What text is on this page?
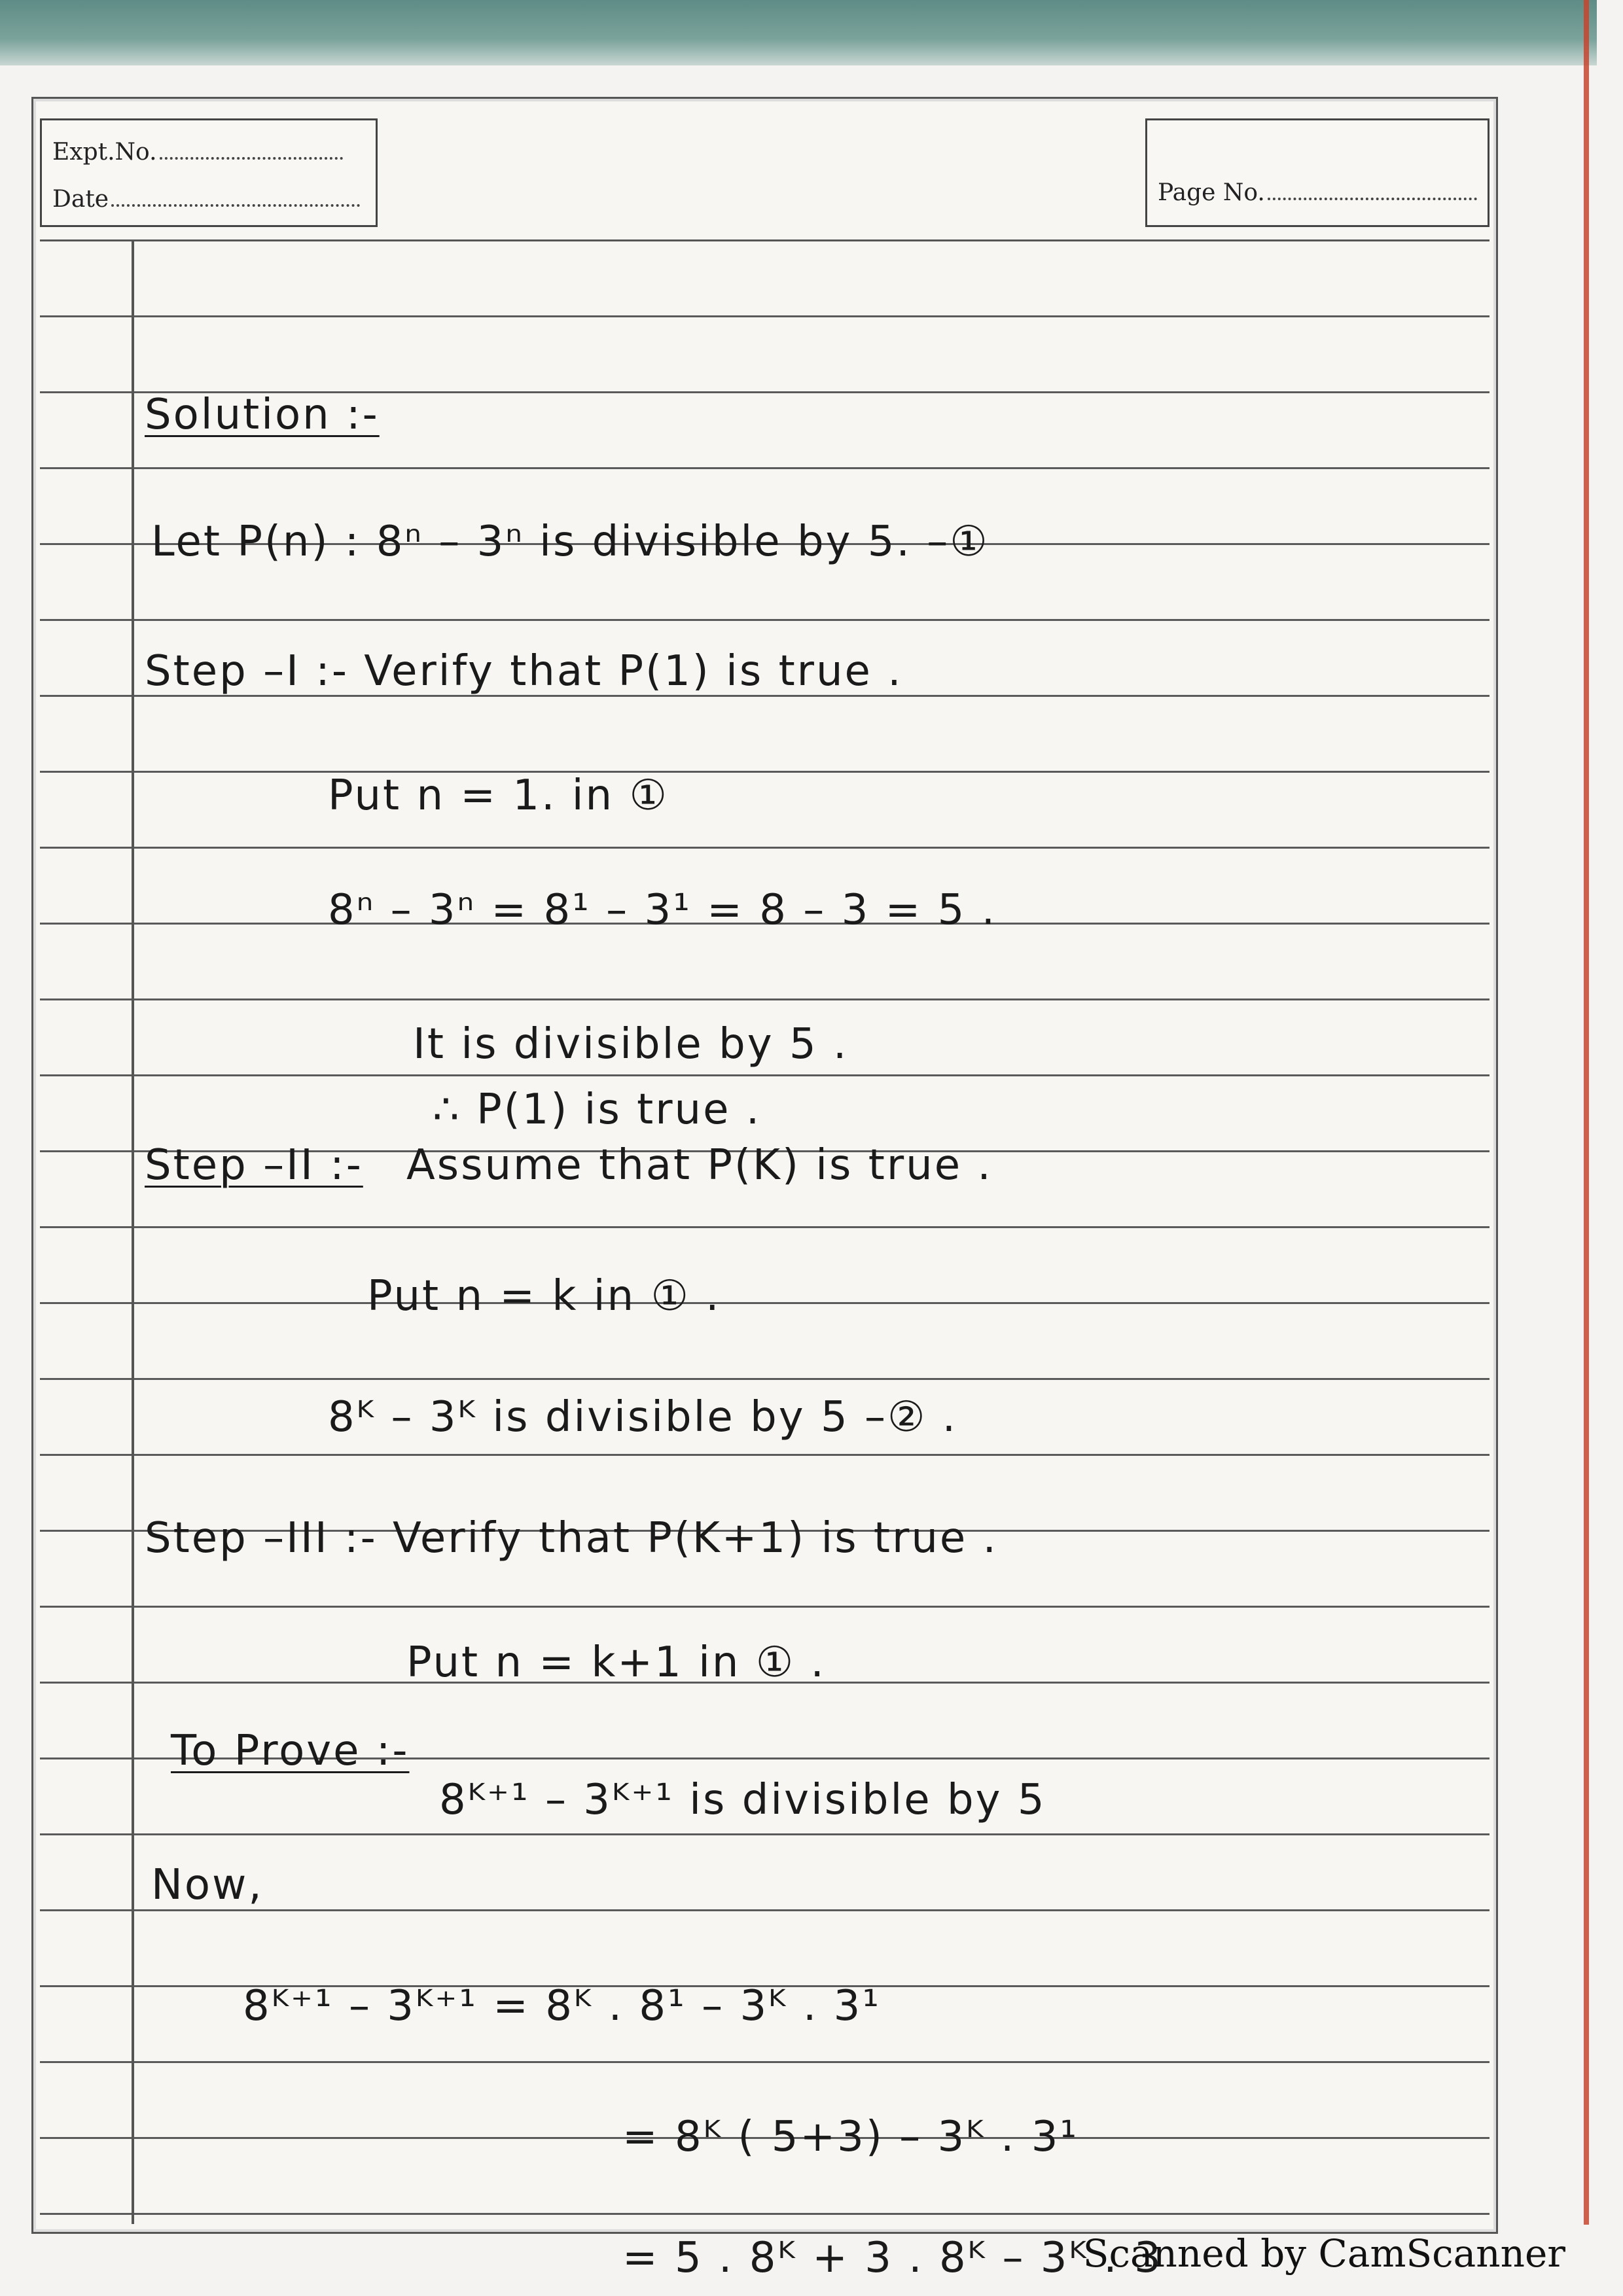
Expt.No.
Date	Page No.
Solution :-
Let P(n) : 8ⁿ – 3ⁿ is divisible by 5. –①
Step –I :- Verify that P(1) is true .
Put n = 1. in ①
8ⁿ – 3ⁿ = 8¹ – 3¹ = 8 – 3 = 5 .
It is divisible by 5 .
∴ P(1) is true .
Step –II :- Assume that P(K) is true .
Put n = k in ① .
8ᴷ – 3ᴷ is divisible by 5 –② .
Step –III :- Verify that P(K+1) is true .
Put n = k+1 in ① .
To Prove :-
8ᴷ⁺¹ – 3ᴷ⁺¹ is divisible by 5
Now,
8ᴷ⁺¹ – 3ᴷ⁺¹ = 8ᴷ . 8¹ – 3ᴷ . 3¹
= 8ᴷ ( 5+3) – 3ᴷ . 3¹
= 5 . 8ᴷ + 3 . 8ᴷ – 3ᴷ . 3
Scanned by CamScanner
